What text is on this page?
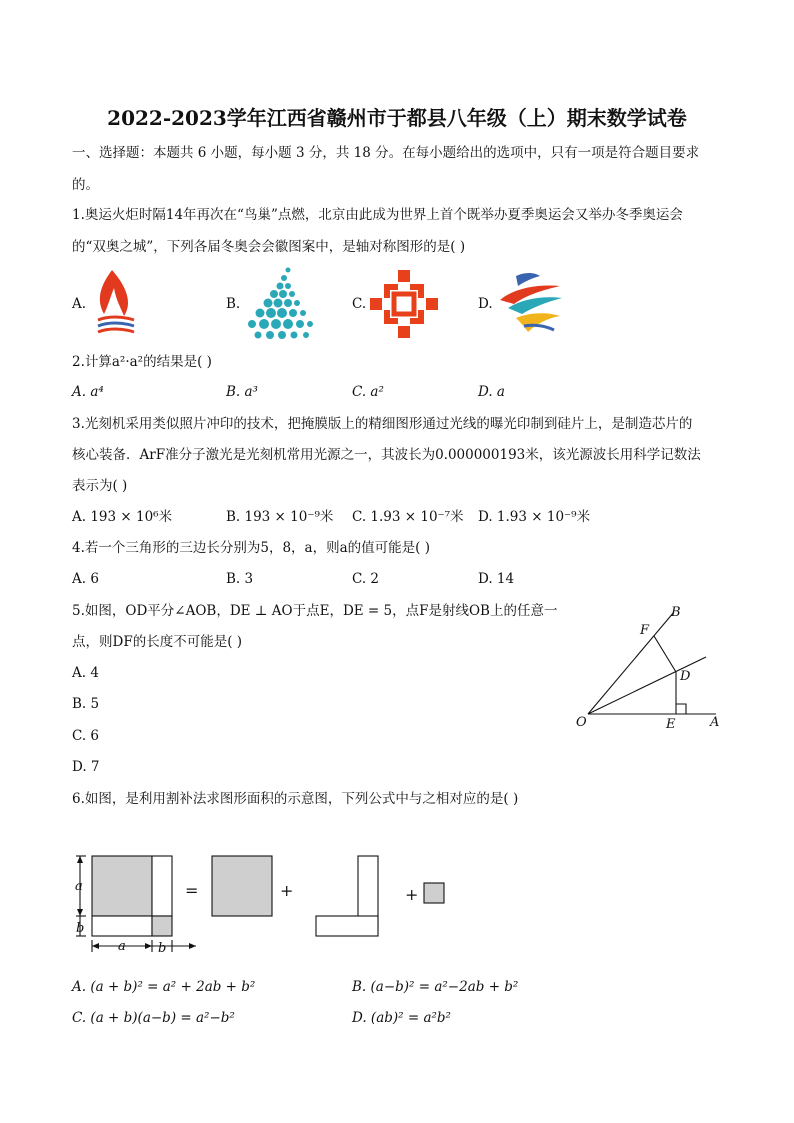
2022-2023学年江西省赣州市于都县八年级（上）期末数学试卷
一、选择题：本题共 6 小题，每小题 3 分，共 18 分。在每小题给出的选项中，只有一项是符合题目要求
的。
1.奥运火炬时隔14年再次在“鸟巢”点燃，北京由此成为世界上首个既举办夏季奥运会又举办冬季奥运会
的“双奥之城”，下列各届冬奥会会徽图案中，是轴对称图形的是( )
A.	B.	C.	D.
2.计算a²·a²的结果是( )
A. a⁴	B. a³	C. a²	D. a
3.光刻机采用类似照片冲印的技术，把掩膜版上的精细图形通过光线的曝光印制到硅片上，是制造芯片的
核心装备．ArF准分子激光是光刻机常用光源之一，其波长为0.000000193米，该光源波长用科学记数法
表示为( )
A. 193 × 10⁶米	B. 193 × 10⁻⁹米 C. 1.93 × 10⁻⁷米 D. 1.93 × 10⁻⁹米
4.若一个三角形的三边长分别为5，8，a，则a的值可能是( )
A. 6	B. 3	C. 2	D. 14
5.如图，OD平分∠AOB，DE ⊥ AO于点E，DE = 5，点F是射线OB上的任意一
点，则DF的长度不可能是( )
A. 4
B. 5
C. 6
D. 7
B
F
D
O	E	A
6.如图，是利用割补法求图形面积的示意图，下列公式中与之相对应的是( )
a
b
a b
=	+	+
A. (a + b)² = a² + 2ab + b²	B. (a−b)² = a²−2ab + b²
C. (a + b)(a−b) = a²−b²	D. (ab)² = a²b²
